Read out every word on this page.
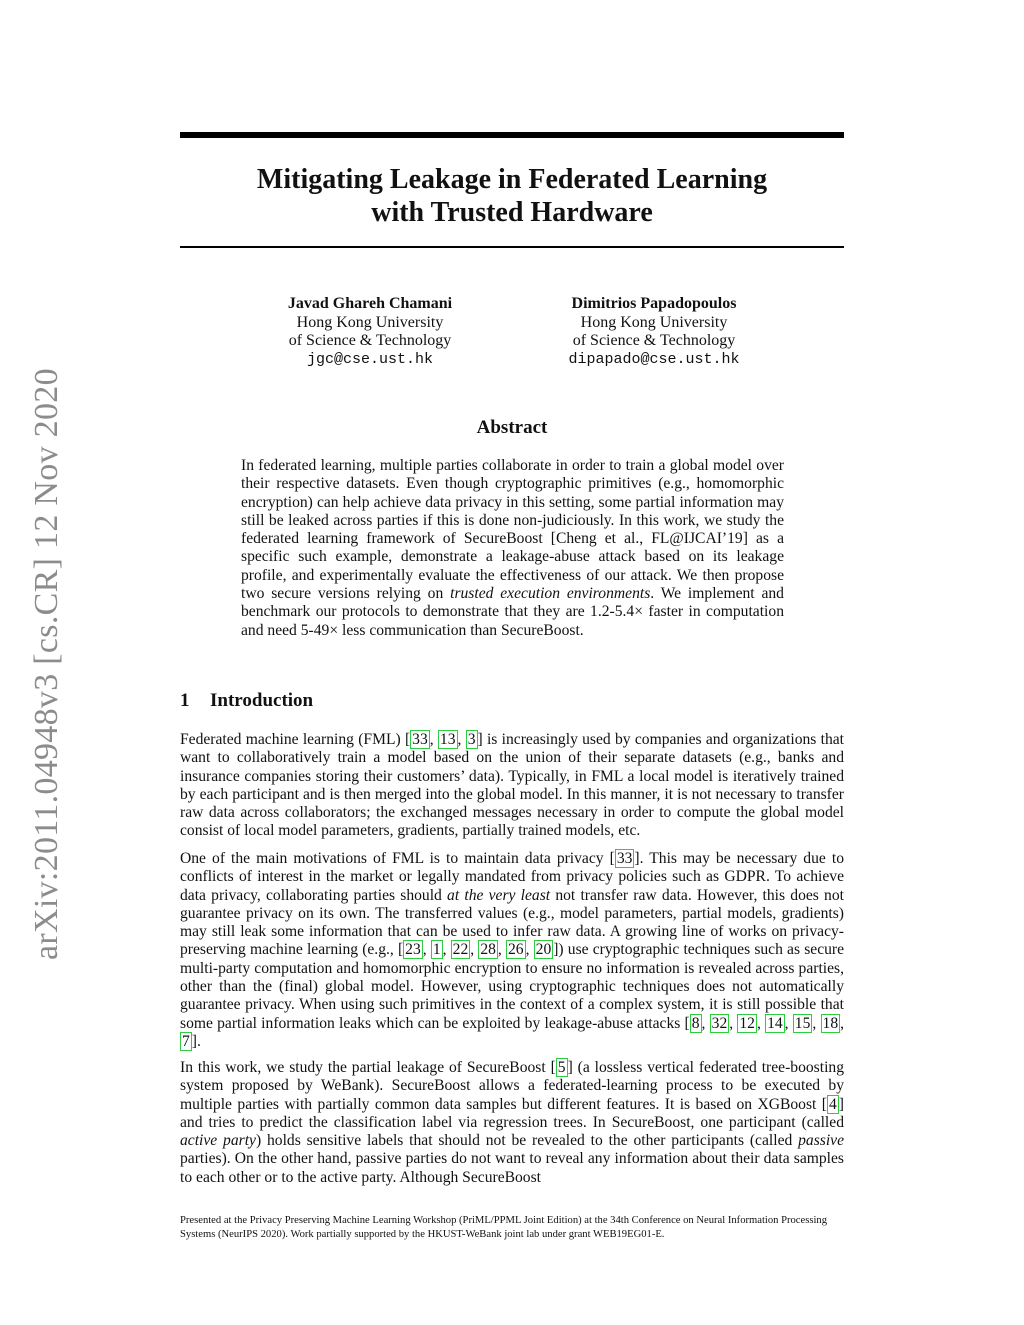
arXiv:2011.04948v3 [cs.CR] 12 Nov 2020
Mitigating Leakage in Federated Learning
with Trusted Hardware
Javad Ghareh Chamani
Hong Kong University
of Science & Technology
jgc@cse.ust.hk
Dimitrios Papadopoulos
Hong Kong University
of Science & Technology
dipapado@cse.ust.hk
Abstract

In federated learning, multiple parties collaborate in order to train a global model over their respective datasets. Even though cryptographic primitives (e.g., homomorphic encryption) can help achieve data privacy in this setting, some partial information may still be leaked across parties if this is done non-judiciously. In this work, we study the federated learning framework of SecureBoost [Cheng et al., FL@IJCAI’19] as a specific such example, demonstrate a leakage-abuse attack based on its leakage profile, and experimentally evaluate the effectiveness of our attack. We then propose two secure versions relying on trusted execution environments. We implement and benchmark our protocols to demonstrate that they are 1.2-5.4× faster in computation and need 5-49× less communication than SecureBoost.

1 Introduction

Federated machine learning (FML) [ 33 , 13 , 3 ] is increasingly used by companies and organizations that want to collaboratively train a model based on the union of their separate datasets (e.g., banks and insurance companies storing their customers’ data). Typically, in FML a local model is iteratively trained by each participant and is then merged into the global model. In this manner, it is not necessary to transfer raw data across collaborators; the exchanged messages necessary in order to compute the global model consist of local model parameters, gradients, partially trained models, etc.

One of the main motivations of FML is to maintain data privacy [ 33 ]. This may be necessary due to conflicts of interest in the market or legally mandated from privacy policies such as GDPR. To achieve data privacy, collaborating parties should at the very least not transfer raw data. However, this does not guarantee privacy on its own. The transferred values (e.g., model parameters, partial models, gradients) may still leak some information that can be used to infer raw data. A growing line of works on privacy-preserving machine learning (e.g., [ 23 , 1 , 22 , 28 , 26 , 20 ]) use cryptographic techniques such as secure multi-party computation and homomorphic encryption to ensure no information is revealed across parties, other than the (final) global model. However, using cryptographic techniques does not automatically guarantee privacy. When using such primitives in the context of a complex system, it is still possible that some partial information leaks which can be exploited by leakage-abuse attacks [ 8 , 32 , 12 , 14 , 15 , 18 , 7 ].

In this work, we study the partial leakage of SecureBoost [ 5 ] (a lossless vertical federated tree-boosting system proposed by WeBank). SecureBoost allows a federated-learning process to be executed by multiple parties with partially common data samples but different features. It is based on XGBoost [ 4 ] and tries to predict the classification label via regression trees. In SecureBoost, one participant (called active party) holds sensitive labels that should not be revealed to the other participants (called passive parties). On the other hand, passive parties do not want to reveal any information about their data samples to each other or to the active party. Although SecureBoost

Presented at the Privacy Preserving Machine Learning Workshop (PriML/PPML Joint Edition) at the 34th Conference on Neural Information Processing Systems (NeurIPS 2020). Work partially supported by the HKUST-WeBank joint lab under grant WEB19EG01-E.
